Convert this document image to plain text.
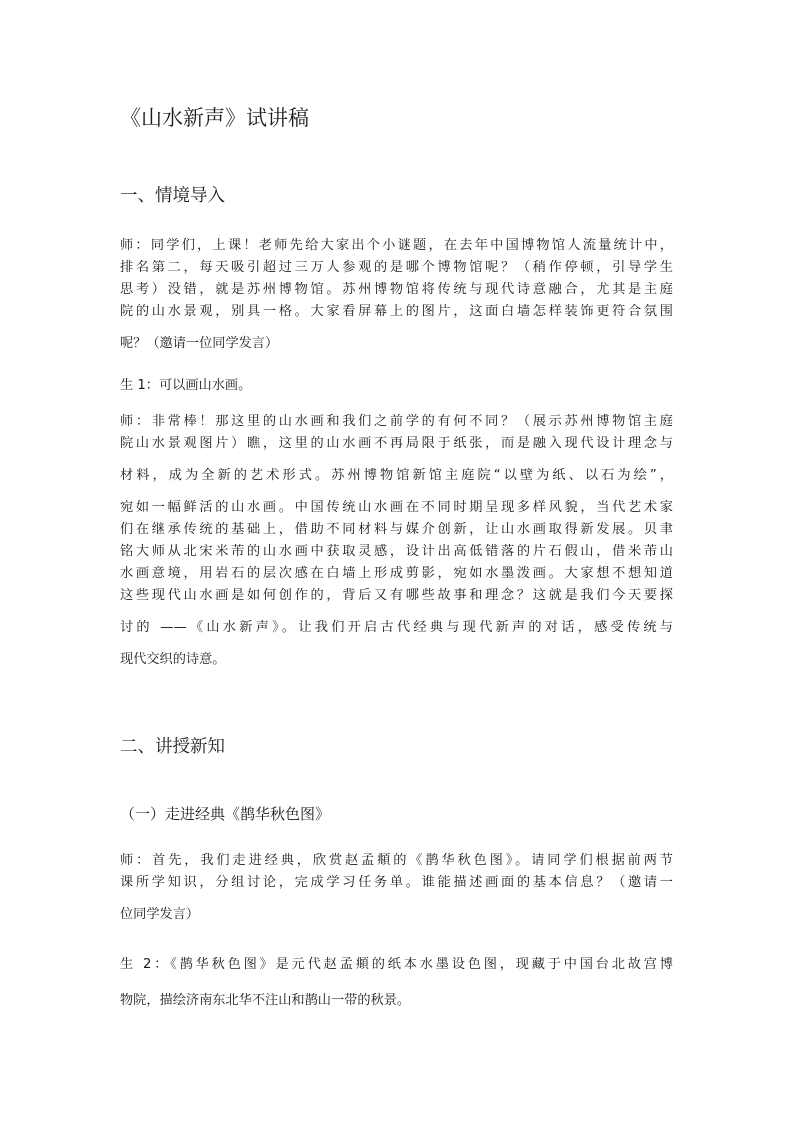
《山水新声》试讲稿
一、情境导入
师：同学们，上课！老师先给大家出个小谜题，在去年中国博物馆人流量统计中，
排名第二，每天吸引超过三万人参观的是哪个博物馆呢？（稍作停顿，引导学生
思考）没错，就是苏州博物馆。苏州博物馆将传统与现代诗意融合，尤其是主庭
院的山水景观，别具一格。大家看屏幕上的图片，这面白墙怎样装饰更符合氛围
呢？（邀请一位同学发言）
生 1：可以画山水画。
师：非常棒！那这里的山水画和我们之前学的有何不同？（展示苏州博物馆主庭
院山水景观图片）瞧，这里的山水画不再局限于纸张，而是融入现代设计理念与
材料，成为全新的艺术形式。苏州博物馆新馆主庭院“以壁为纸、以石为绘”，
宛如一幅鲜活的山水画。中国传统山水画在不同时期呈现多样风貌，当代艺术家
们在继承传统的基础上，借助不同材料与媒介创新，让山水画取得新发展。贝聿
铭大师从北宋米芾的山水画中获取灵感，设计出高低错落的片石假山，借米芾山
水画意境，用岩石的层次感在白墙上形成剪影，宛如水墨泼画。大家想不想知道
这些现代山水画是如何创作的，背后又有哪些故事和理念？这就是我们今天要探
讨的 ——《山水新声》。让我们开启古代经典与现代新声的对话，感受传统与
现代交织的诗意。
二、讲授新知
（一）走进经典《鹊华秋色图》
师：首先，我们走进经典，欣赏赵孟頫的《鹊华秋色图》。请同学们根据前两节
课所学知识，分组讨论，完成学习任务单。谁能描述画面的基本信息？（邀请一
位同学发言）
生 2：《鹊华秋色图》是元代赵孟頫的纸本水墨设色图，现藏于中国台北故宫博
物院，描绘济南东北华不注山和鹊山一带的秋景。
